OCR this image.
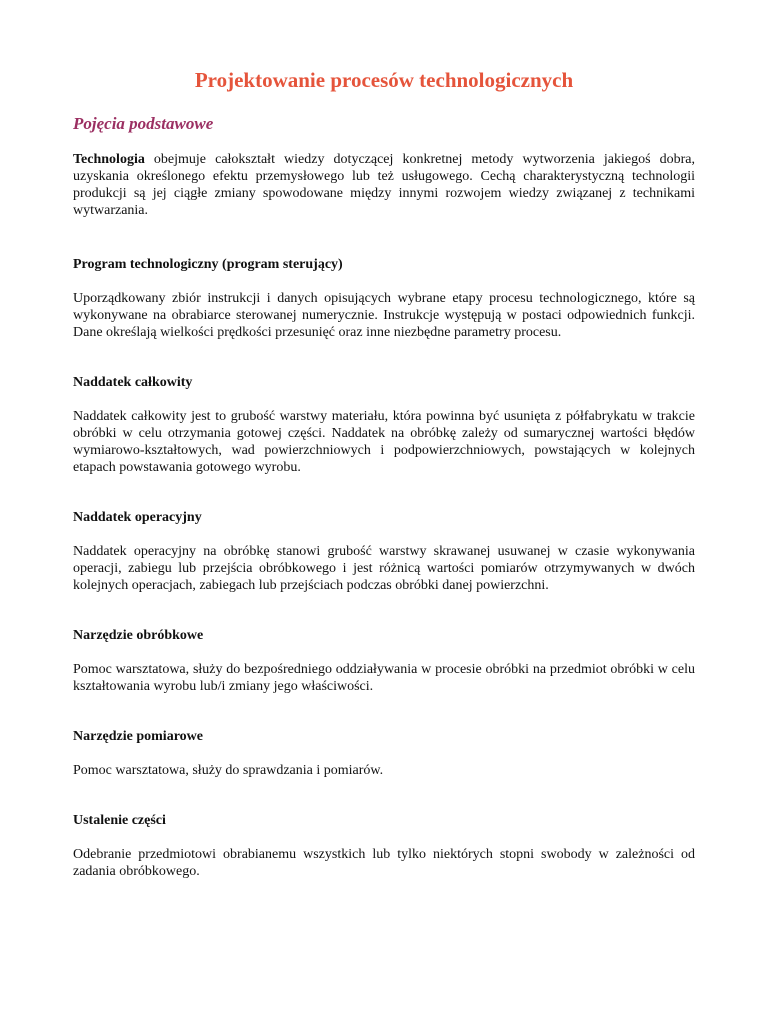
Projektowanie procesów technologicznych
Pojęcia podstawowe

Technologia obejmuje całokształt wiedzy dotyczącej konkretnej metody wytworzenia jakiegoś dobra, uzyskania określonego efektu przemysłowego lub też usługowego. Cechą charakterystyczną technologii produkcji są jej ciągłe zmiany spowodowane między innymi rozwojem wiedzy związanej z technikami wytwarzania.

Program technologiczny (program sterujący)

Uporządkowany zbiór instrukcji i danych opisujących wybrane etapy procesu technologicznego, które są wykonywane na obrabiarce sterowanej numerycznie. Instrukcje występują w postaci odpowiednich funkcji. Dane określają wielkości prędkości przesunięć oraz inne niezbędne parametry procesu.

Naddatek całkowity

Naddatek całkowity jest to grubość warstwy materiału, która powinna być usunięta z półfabrykatu w trakcie obróbki w celu otrzymania gotowej części. Naddatek na obróbkę zależy od sumarycznej wartości błędów wymiarowo-kształtowych, wad powierzchniowych i podpowierzchniowych, powstających w kolejnych etapach powstawania gotowego wyrobu.

Naddatek operacyjny

Naddatek operacyjny na obróbkę stanowi grubość warstwy skrawanej usuwanej w czasie wykonywania operacji, zabiegu lub przejścia obróbkowego i jest różnicą wartości pomiarów otrzymywanych w dwóch kolejnych operacjach, zabiegach lub przejściach podczas obróbki danej powierzchni.

Narzędzie obróbkowe

Pomoc warsztatowa, służy do bezpośredniego oddziaływania w procesie obróbki na przedmiot obróbki w celu kształtowania wyrobu lub/i zmiany jego właściwości.

Narzędzie pomiarowe

Pomoc warsztatowa, służy do sprawdzania i pomiarów.

Ustalenie części

Odebranie przedmiotowi obrabianemu wszystkich lub tylko niektórych stopni swobody w zależności od zadania obróbkowego.
